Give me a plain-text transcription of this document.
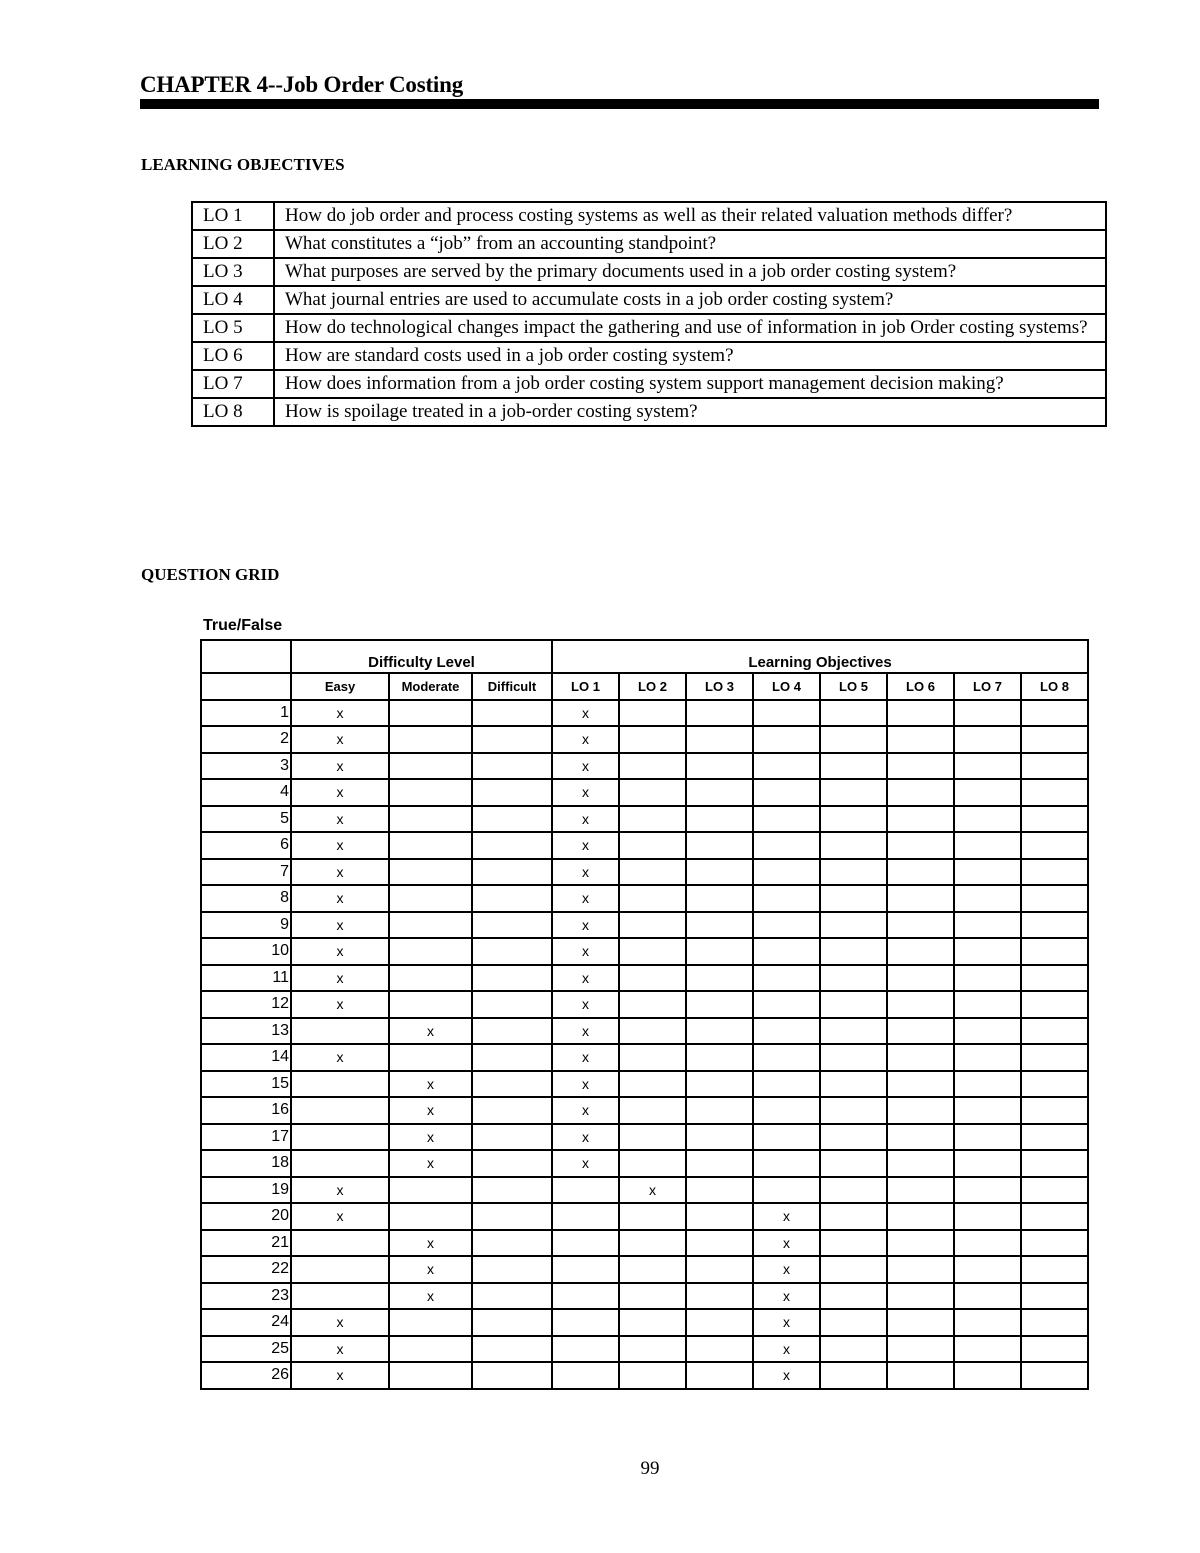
CHAPTER 4--Job Order Costing
LEARNING OBJECTIVES
LO 1	How do job order and process costing systems as well as their related valuation methods differ?
LO 2	What constitutes a “job” from an accounting standpoint?
LO 3	What purposes are served by the primary documents used in a job order costing system?
LO 4	What journal entries are used to accumulate costs in a job order costing system?
LO 5	How do technological changes impact the gathering and use of information in job Order costing systems?
LO 6	How are standard costs used in a job order costing system?
LO 7	How does information from a job order costing system support management decision making?
LO 8	How is spoilage treated in a job-order costing system?
QUESTION GRID
True/False
	Difficulty Level			Learning Objectives							
	Easy	Moderate	Difficult	LO 1	LO 2	LO 3	LO 4	LO 5	LO 6	LO 7	LO 8
1	x			x							
2	x			x							
3	x			x							
4	x			x							
5	x			x							
6	x			x							
7	x			x							
8	x			x							
9	x			x							
10	x			x							
11	x			x							
12	x			x							
13		x		x							
14	x			x							
15		x		x							
16		x		x							
17		x		x							
18		x		x							
19	x				x						
20	x						x				
21		x					x				
22		x					x				
23		x					x				
24	x						x				
25	x						x				
26	x						x				
99
